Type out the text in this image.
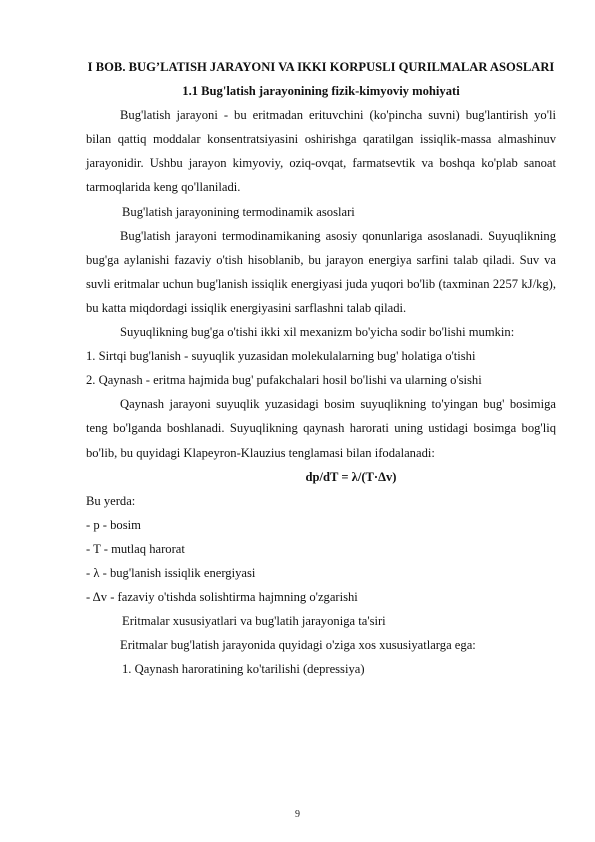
I BOB. BUG’LATISH JARAYONI VA IKKI KORPUSLI QURILMALAR ASOSLARI
1.1 Bug'latish jarayonining fizik-kimyoviy mohiyati

Bug'latish jarayoni - bu eritmadan erituvchini (ko'pincha suvni) bug'lantirish yo'li bilan qattiq moddalar konsentratsiyasini oshirishga qaratilgan issiqlik-massa almashinuv jarayonidir. Ushbu jarayon kimyoviy, oziq-ovqat, farmatsevtik va boshqa ko'plab sanoat tarmoqlarida keng qo'llaniladi.

Bug'latish jarayonining termodinamik asoslari

Bug'latish jarayoni termodinamikaning asosiy qonunlariga asoslanadi. Suyuqlikning bug'ga aylanishi fazaviy o'tish hisoblanib, bu jarayon energiya sarfini talab qiladi. Suv va suvli eritmalar uchun bug'lanish issiqlik energiyasi juda yuqori bo'lib (taxminan 2257 kJ/kg), bu katta miqdordagi issiqlik energiyasini sarflashni talab qiladi.

Suyuqlikning bug'ga o'tishi ikki xil mexanizm bo'yicha sodir bo'lishi mumkin:

1. Sirtqi bug'lanish - suyuqlik yuzasidan molekulalarning bug' holatiga o'tishi

2. Qaynash - eritma hajmida bug' pufakchalari hosil bo'lishi va ularning o'sishi

Qaynash jarayoni suyuqlik yuzasidagi bosim suyuqlikning to'yingan bug' bosimiga teng bo'lganda boshlanadi. Suyuqlikning qaynash harorati uning ustidagi bosimga bog'liq bo'lib, bu quyidagi Klapeyron-Klauzius tenglamasi bilan ifodalanadi:

dp/dT = λ/(T·Δv)

Bu yerda:

- p - bosim

- T - mutlaq harorat

- λ - bug'lanish issiqlik energiyasi

- Δv - fazaviy o'tishda solishtirma hajmning o'zgarishi

Eritmalar xususiyatlari va bug'latih jarayoniga ta'siri

Eritmalar bug'latish jarayonida quyidagi o'ziga xos xususiyatlarga ega:

1. Qaynash haroratining ko'tarilishi (depressiya)

9
